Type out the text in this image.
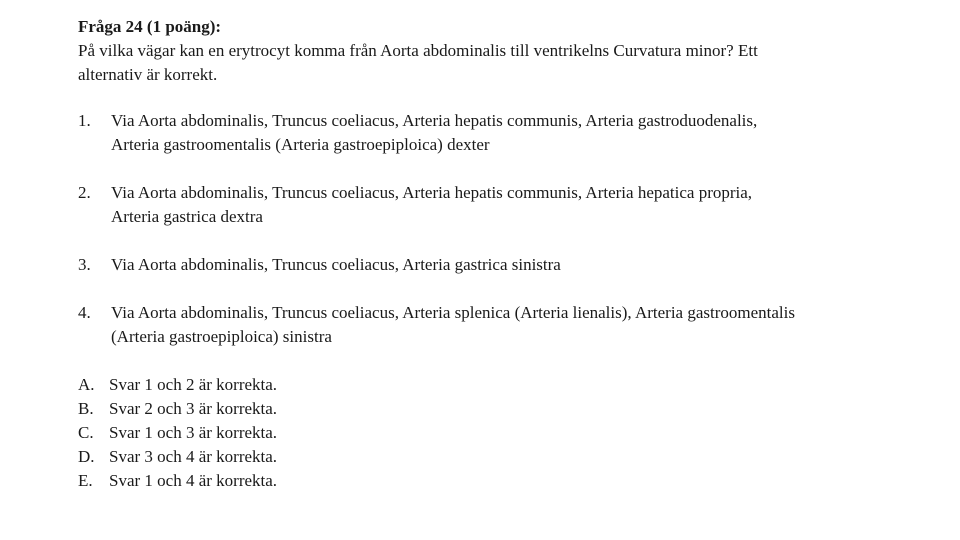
Fråga 24 (1 poäng):

På vilka vägar kan en erytrocyt komma från Aorta abdominalis till ventrikelns Curvatura minor? Ett alternativ är korrekt.

1.	Via Aorta abdominalis, Truncus coeliacus, Arteria hepatis communis, Arteria gastroduodenalis, Arteria gastroomentalis (Arteria gastroepiploica) dexter
2.	Via Aorta abdominalis, Truncus coeliacus, Arteria hepatis communis, Arteria hepatica propria, Arteria gastrica dextra
3.	Via Aorta abdominalis, Truncus coeliacus, Arteria gastrica sinistra
4.	Via Aorta abdominalis, Truncus coeliacus, Arteria splenica (Arteria lienalis), Arteria gastroomentalis (Arteria gastroepiploica) sinistra
A. Svar 1 och 2 är korrekta.
B. Svar 2 och 3 är korrekta.
C. Svar 1 och 3 är korrekta.
D. Svar 3 och 4 är korrekta.
E. Svar 1 och 4 är korrekta.
